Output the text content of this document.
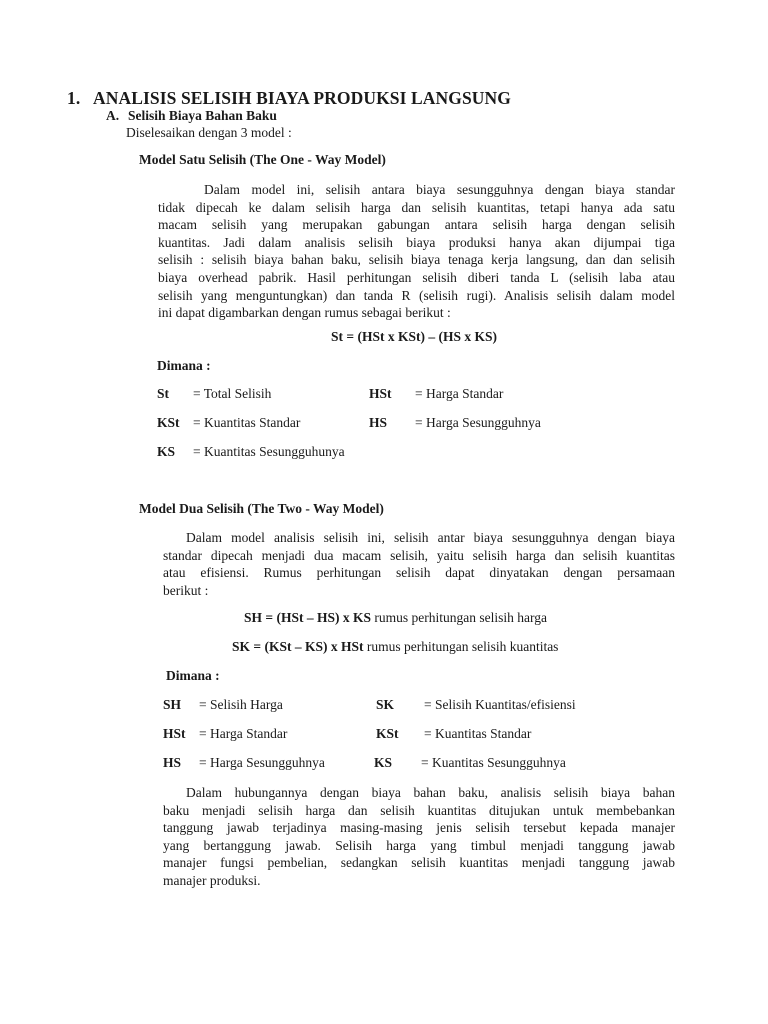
1. ANALISIS SELISIH BIAYA PRODUKSI LANGSUNG
A. Selisih Biaya Bahan Baku
Diselesaikan dengan 3 model :
Model Satu Selisih (The One - Way Model)
Dalam model ini, selisih antara biaya sesungguhnya dengan biaya standar
tidak dipecah ke dalam selisih harga dan selisih kuantitas, tetapi hanya ada satu
macam selisih yang merupakan gabungan antara selisih harga dengan selisih
kuantitas. Jadi dalam analisis selisih biaya produksi hanya akan dijumpai tiga
selisih : selisih biaya bahan baku, selisih biaya tenaga kerja langsung, dan dan selisih
biaya overhead pabrik. Hasil perhitungan selisih diberi tanda L (selisih laba atau
selisih yang menguntungkan) dan tanda R (selisih rugi). Analisis selisih dalam model
ini dapat digambarkan dengan rumus sebagai berikut :
St = (HSt x KSt) – (HS x KS)
Dimana :
St = Total Selisih	HSt = Harga Standar
KSt = Kuantitas Standar	HS = Harga Sesungguhnya
KS = Kuantitas Sesungguhunya
Model Dua Selisih (The Two - Way Model)
Dalam model analisis selisih ini, selisih antar biaya sesungguhnya dengan biaya
standar dipecah menjadi dua macam selisih, yaitu selisih harga dan selisih kuantitas
atau efisiensi. Rumus perhitungan selisih dapat dinyatakan dengan persamaan
berikut :
SH = (HSt – HS) x KS rumus perhitungan selisih harga
SK = (KSt – KS) x HSt rumus perhitungan selisih kuantitas
Dimana :
SH = Selisih Harga	SK = Selisih Kuantitas/efisiensi
HSt = Harga Standar	KSt = Kuantitas Standar
HS = Harga Sesungguhnya	KS = Kuantitas Sesungguhnya
Dalam hubungannya dengan biaya bahan baku, analisis selisih biaya bahan
baku menjadi selisih harga dan selisih kuantitas ditujukan untuk membebankan
tanggung jawab terjadinya masing-masing jenis selisih tersebut kepada manajer
yang bertanggung jawab. Selisih harga yang timbul menjadi tanggung jawab
manajer fungsi pembelian, sedangkan selisih kuantitas menjadi tanggung jawab
manajer produksi.
